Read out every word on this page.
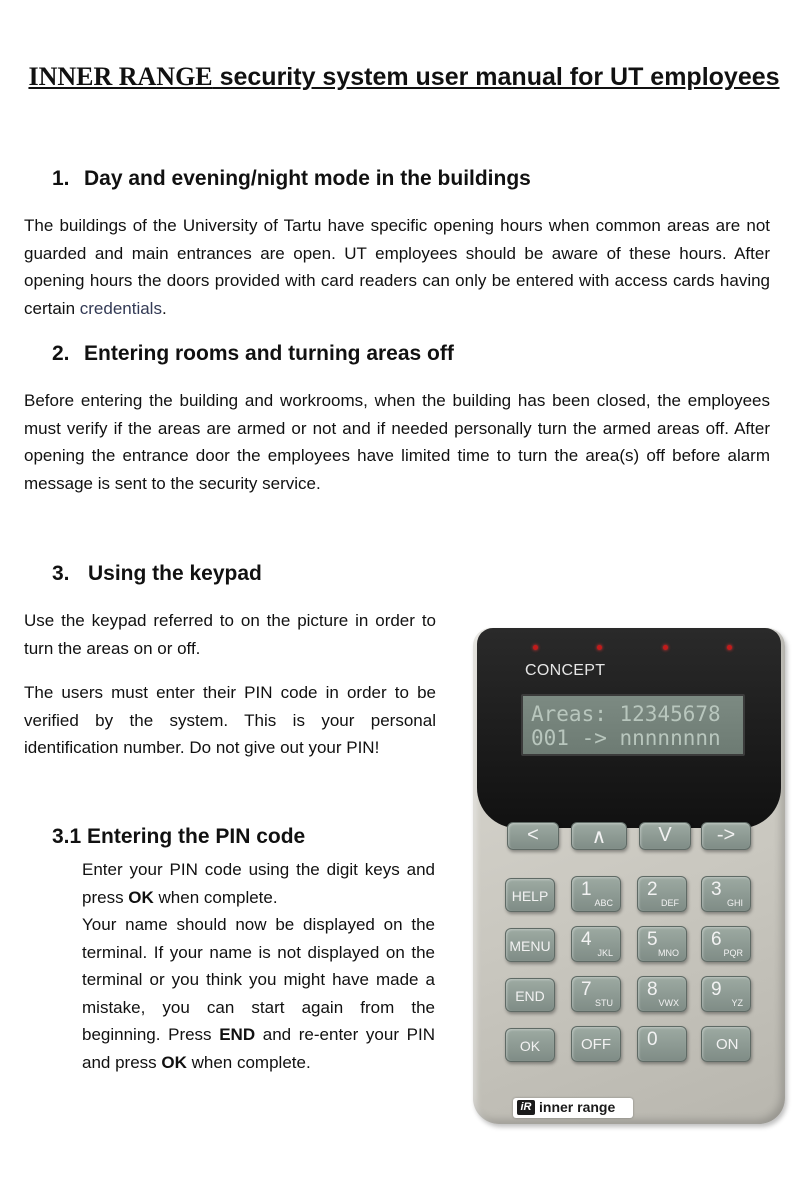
INNER RANGE security system user manual for UT employees
1. Day and evening/night mode in the buildings

The buildings of the University of Tartu have specific opening hours when common areas are not guarded and main entrances are open. UT employees should be aware of these hours. After opening hours the doors provided with card readers can only be entered with access cards having certain credentials.

2. Entering rooms and turning areas off

Before entering the building and workrooms, when the building has been closed, the employees must verify if the areas are armed or not and if needed personally turn the armed areas off. After opening the entrance door the employees have limited time to turn the area(s) off before alarm message is sent to the security service.

3. Using the keypad

Use the keypad referred to on the picture in order to turn the areas on or off.

The users must enter their PIN code in order to be verified by the system. This is your personal identification number. Do not give out your PIN!

3.1 Entering the PIN code

Enter your PIN code using the digit keys and press OK when complete.

Your name should now be displayed on the terminal. If your name is not displayed on the terminal or you think you might have made a mistake, you can start again from the beginning. Press END and re-enter your PIN and press OK when complete.

CONCEPT
Areas: 12345678
001 -> nnnnnnnn
<	∧	V	->
HELP
MENU
END
OK
1
ABC
2
DEF
3
GHI
4
JKL
5
MNO
6
PQR
7
STU
8
VWX
9
YZ
OFF 0	ON
iR inner range
